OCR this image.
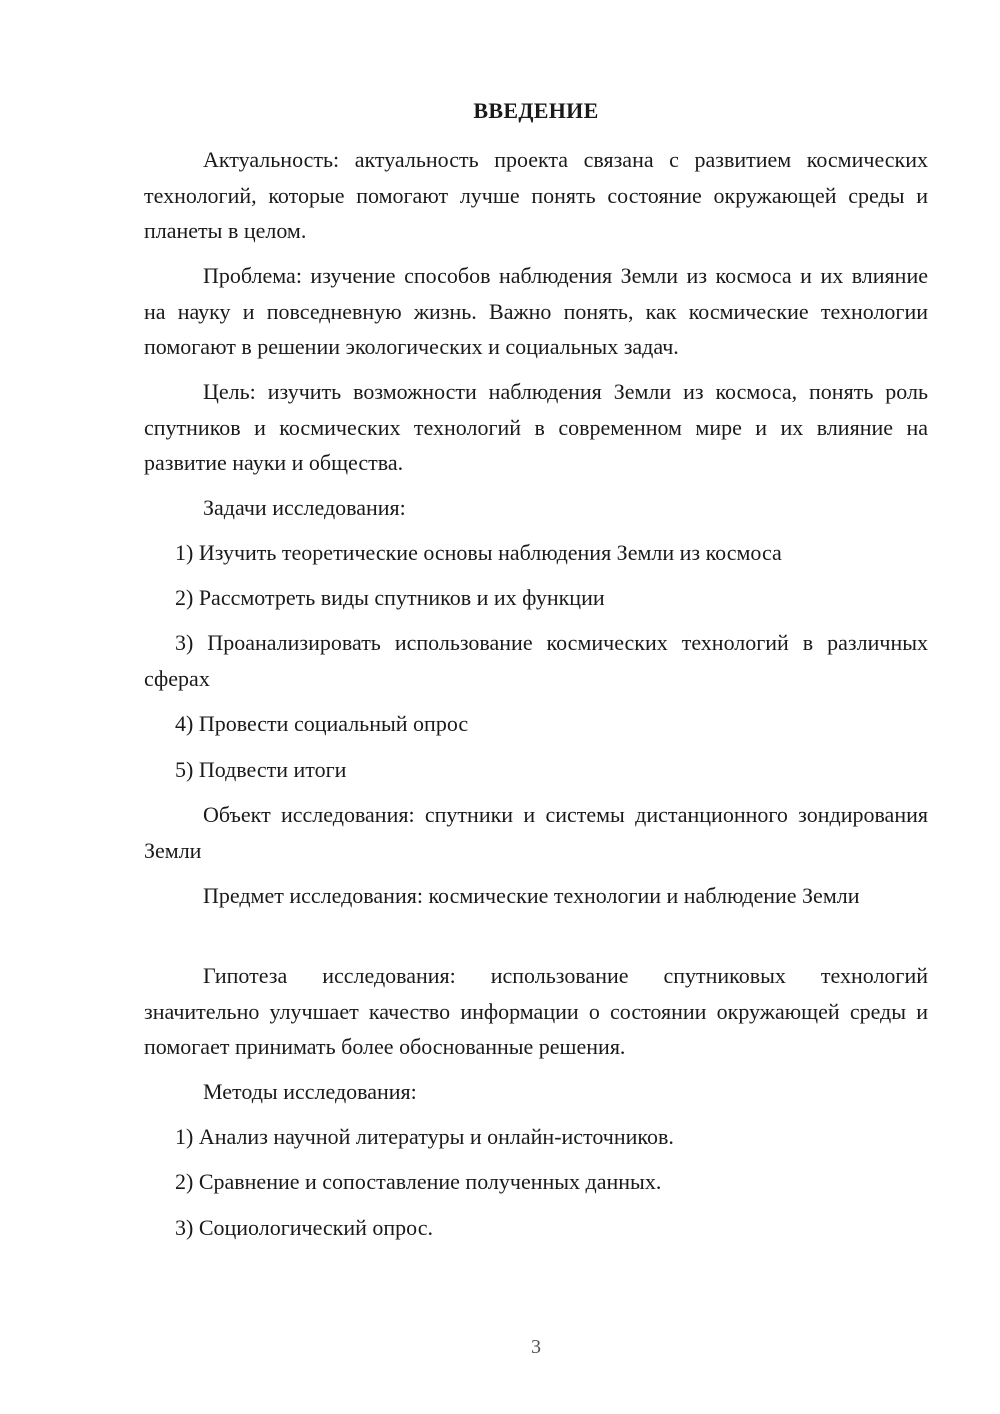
ВВЕДЕНИЕ

Актуальность: актуальность проекта связана с развитием космических технологий, которые помогают лучше понять состояние окружающей среды и планеты в целом.

Проблема: изучение способов наблюдения Земли из космоса и их влияние на науку и повседневную жизнь. Важно понять, как космические технологии помогают в решении экологических и социальных задач.

Цель: изучить возможности наблюдения Земли из космоса, понять роль спутников и космических технологий в современном мире и их влияние на развитие науки и общества.

Задачи исследования:

1) Изучить теоретические основы наблюдения Земли из космоса

2) Рассмотреть виды спутников и их функции

3) Проанализировать использование космических технологий в различных сферах

4) Провести социальный опрос

5) Подвести итоги

Объект исследования: спутники и системы дистанционного зондирования Земли

Предмет исследования: космические технологии и наблюдение Земли

Гипотеза исследования: использование спутниковых технологий значительно улучшает качество информации о состоянии окружающей среды и помогает принимать более обоснованные решения.

Методы исследования:

1) Анализ научной литературы и онлайн-источников.

2) Сравнение и сопоставление полученных данных.

3) Социологический опрос.

3
